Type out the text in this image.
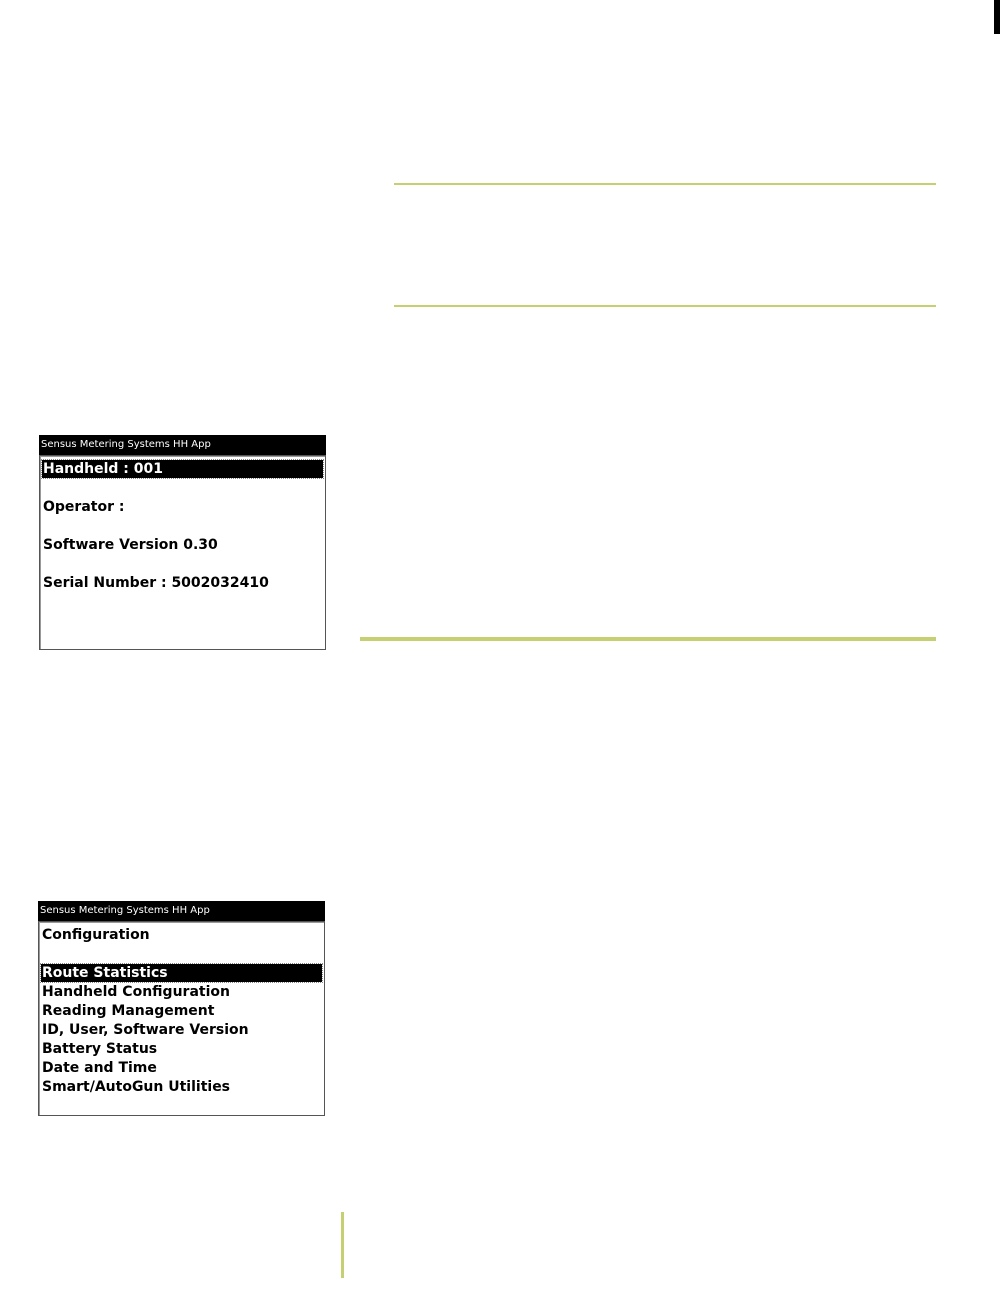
Sensus Metering Systems HH App
Handheld : 001
Operator :
Software Version 0.30
Serial Number : 5002032410
Sensus Metering Systems HH App
Configuration
Route Statistics
Handheld Configuration
Reading Management
ID, User, Software Version
Battery Status
Date and Time
Smart/AutoGun Utilities
